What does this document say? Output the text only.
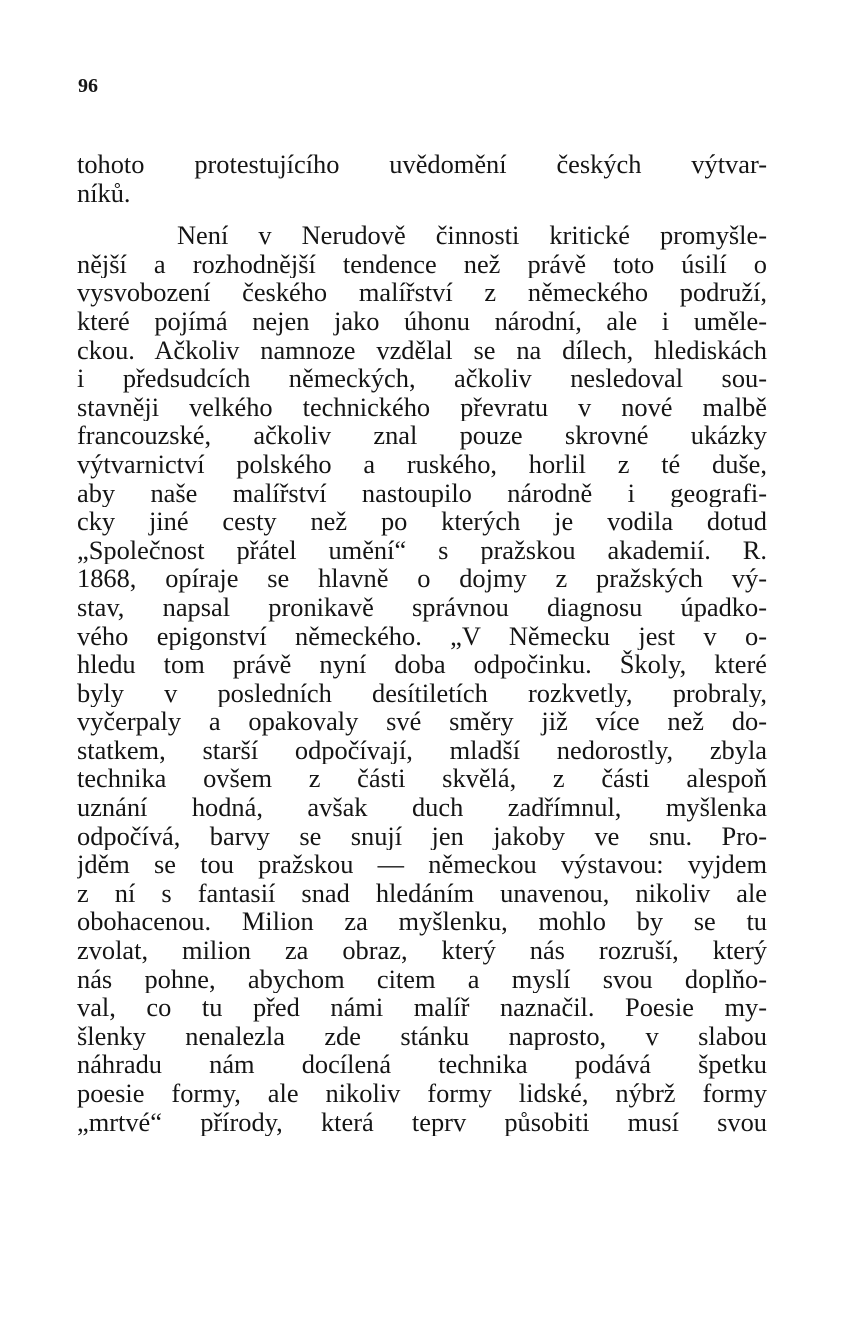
96
tohoto protestujícího uvědomění českých výtvar-
níků.
Není v Nerudově činnosti kritické promyšle-
nější a rozhodnější tendence než právě toto úsilí o
vysvobození českého malířství z německého podruží,
které pojímá nejen jako úhonu národní, ale i uměle-
ckou. Ačkoliv namnoze vzdělal se na dílech, hlediskách
i předsudcích německých, ačkoliv nesledoval sou-
stavněji velkého technického převratu v nové malbě
francouzské, ačkoliv znal pouze skrovné ukázky
výtvarnictví polského a ruského, horlil z té duše,
aby naše malířství nastoupilo národně i geografi-
cky jiné cesty než po kterých je vodila dotud
„Společnost přátel umění“ s pražskou akademií. R.
1868, opíraje se hlavně o dojmy z pražských vý-
stav, napsal pronikavě správnou diagnosu úpadko-
vého epigonství německého. „V Německu jest v o-
hledu tom právě nyní doba odpočinku. Školy, které
byly v posledních desítiletích rozkvetly, probraly,
vyčerpaly a opakovaly své směry již více než do-
statkem, starší odpočívají, mladší nedorostly, zbyla
technika ovšem z části skvělá, z části alespoň
uznání hodná, avšak duch zadřímnul, myšlenka
odpočívá, barvy se snují jen jakoby ve snu. Pro-
jděm se tou pražskou — německou výstavou: vyjdem
z ní s fantasií snad hledáním unavenou, nikoliv ale
obohacenou. Milion za myšlenku, mohlo by se tu
zvolat, milion za obraz, který nás rozruší, který
nás pohne, abychom citem a myslí svou doplňo-
val, co tu před námi malíř naznačil. Poesie my-
šlenky nenalezla zde stánku naprosto, v slabou
náhradu nám docílená technika podává špetku
poesie formy, ale nikoliv formy lidské, nýbrž formy
„mrtvé“ přírody, která teprv působiti musí svou
